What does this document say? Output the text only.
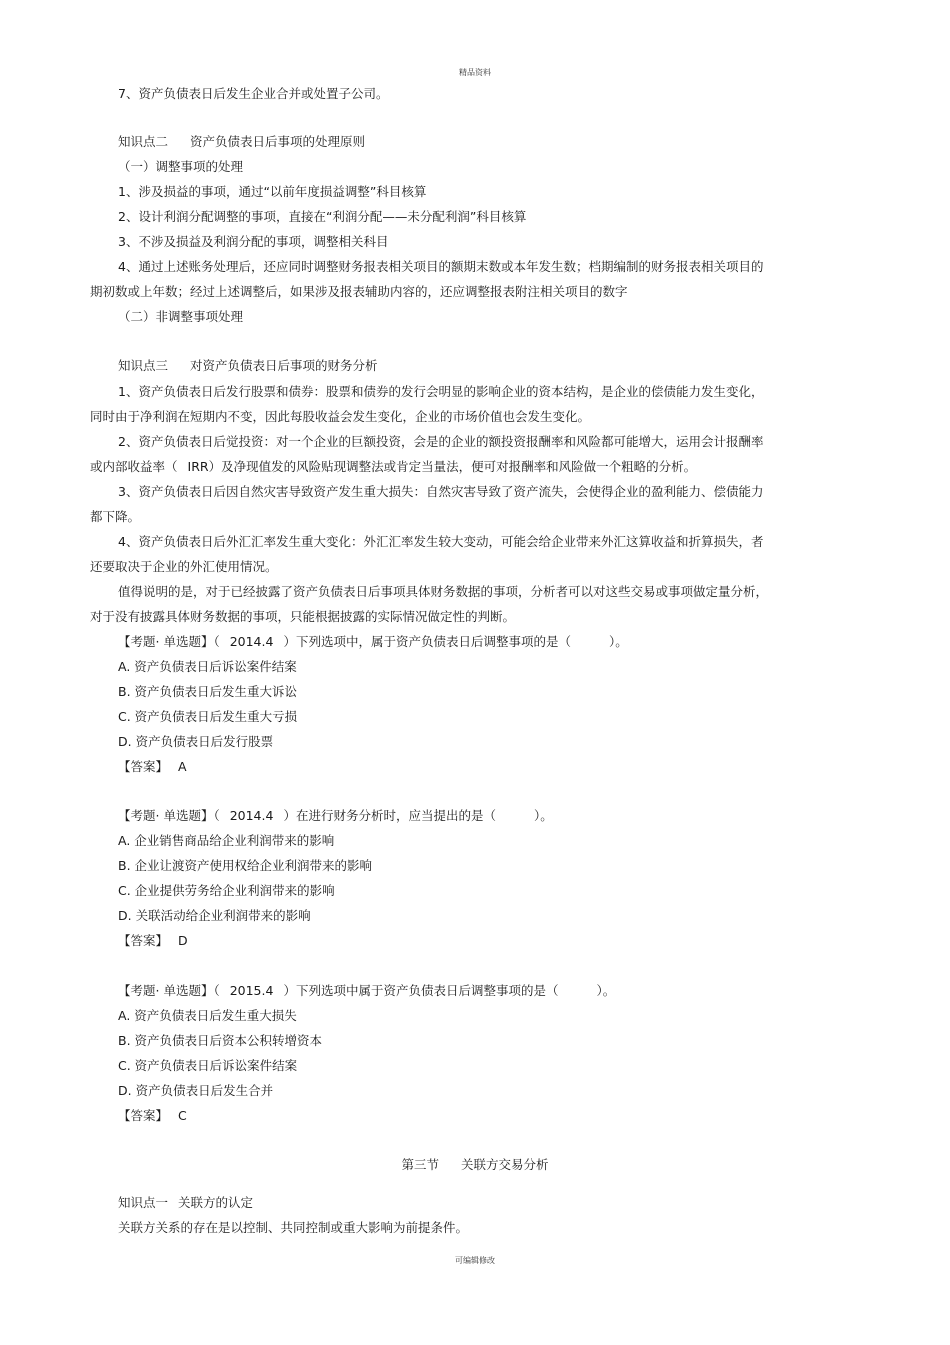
精品资料
7、资产负债表日后发生企业合并或处置子公司。
知识点二 资产负债表日后事项的处理原则
（一）调整事项的处理
1、涉及损益的事项，通过“以前年度损益调整”科目核算
2、设计利润分配调整的事项，直接在“利润分配——未分配利润”科目核算
3、不涉及损益及利润分配的事项，调整相关科目
4、通过上述账务处理后，还应同时调整财务报表相关项目的额期末数或本年发生数；档期编制的财务报表相关项目的
期初数或上年数；经过上述调整后，如果涉及报表辅助内容的，还应调整报表附注相关项目的数字
（二）非调整事项处理
知识点三 对资产负债表日后事项的财务分析
1、资产负债表日后发行股票和债券：股票和债券的发行会明显的影响企业的资本结构，是企业的偿债能力发生变化，
同时由于净利润在短期内不变，因此每股收益会发生变化，企业的市场价值也会发生变化。
2、资产负债表日后觉投资：对一个企业的巨额投资，会是的企业的额投资报酬率和风险都可能增大，运用会计报酬率
或内部收益率（ IRR）及净现值发的风险贴现调整法或肯定当量法，便可对报酬率和风险做一个粗略的分析。
3、资产负债表日后因自然灾害导致资产发生重大损失：自然灾害导致了资产流失，会使得企业的盈利能力、偿债能力
都下降。
4、资产负债表日后外汇汇率发生重大变化：外汇汇率发生较大变动，可能会给企业带来外汇这算收益和折算损失，者
还要取决于企业的外汇使用情况。
值得说明的是，对于已经披露了资产负债表日后事项具体财务数据的事项，分析者可以对这些交易或事项做定量分析，
对于没有披露具体财务数据的事项，只能根据披露的实际情况做定性的判断。
【考题· 单选题】（ 2014.4 ）下列选项中，属于资产负债表日后调整事项的是（	）。
A. 资产负债表日后诉讼案件结案
B. 资产负债表日后发生重大诉讼
C. 资产负债表日后发生重大亏损
D. 资产负债表日后发行股票
【答案】 A
【考题· 单选题】（ 2014.4 ）在进行财务分析时，应当提出的是（	）。
A. 企业销售商品给企业利润带来的影响
B. 企业让渡资产使用权给企业利润带来的影响
C. 企业提供劳务给企业利润带来的影响
D. 关联活动给企业利润带来的影响
【答案】 D
【考题· 单选题】（ 2015.4 ）下列选项中属于资产负债表日后调整事项的是（	）。
A. 资产负债表日后发生重大损失
B. 资产负债表日后资本公积转增资本
C. 资产负债表日后诉讼案件结案
D. 资产负债表日后发生合并
【答案】 C
第三节 关联方交易分析
知识点一 关联方的认定
关联方关系的存在是以控制、共同控制或重大影响为前提条件。
可编辑修改
